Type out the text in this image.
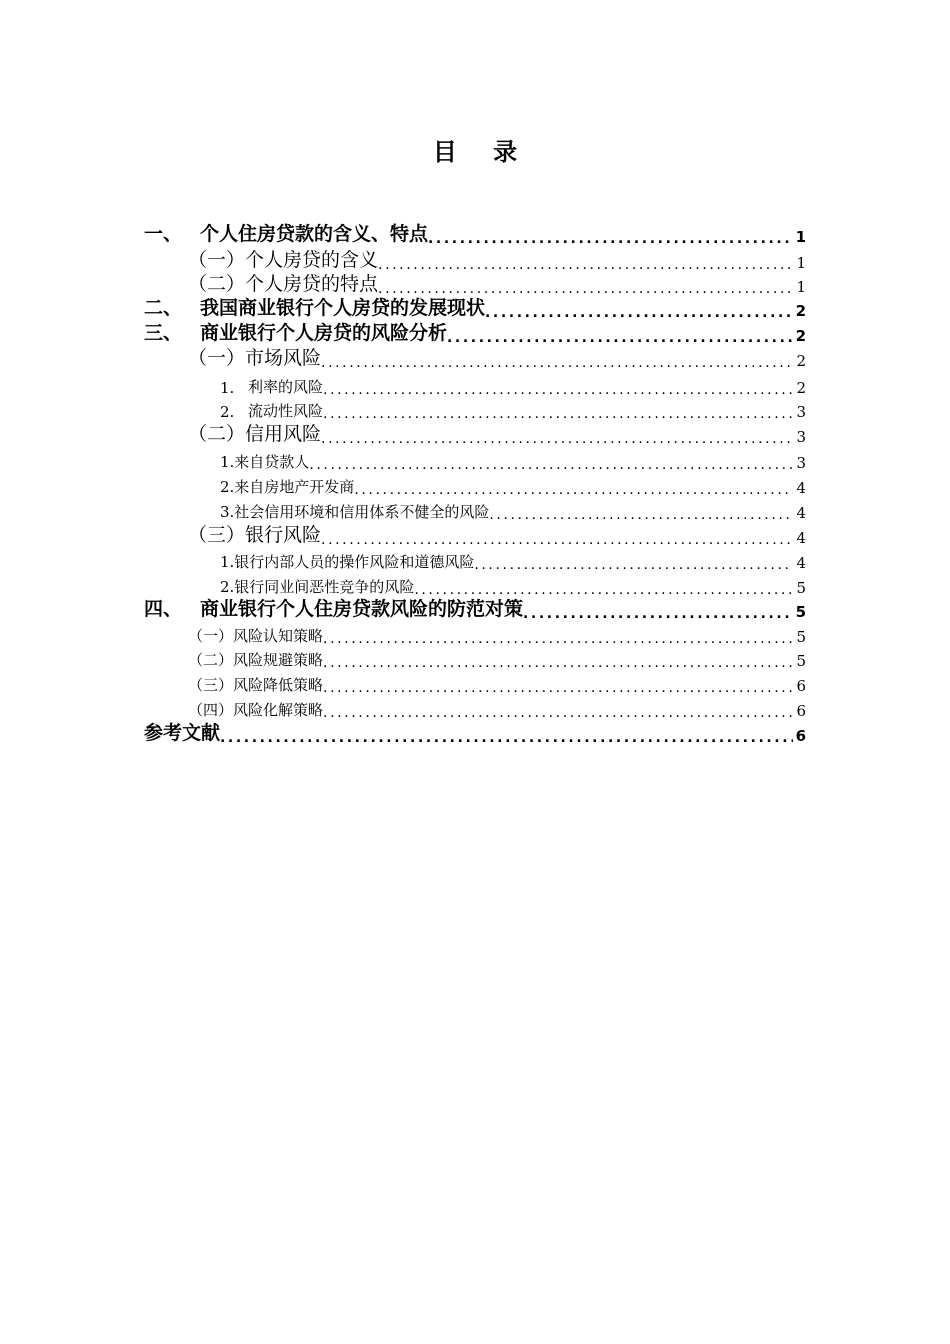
目 录
一、 个人住房贷款的含义、特点 .....	1
（一）个人房贷的含义 .....	1
（二）个人房贷的特点 .....	1
二、 我国商业银行个人房贷的发展现状 .....	2
三、 商业银行个人房贷的风险分析 .....	2
（一）市场风险 .....	2
1. 利率的风险 .....	2
2. 流动性风险 .....	3
（二）信用风险 .....	3
1.来自贷款人 .....	3
2.来自房地产开发商 .....	4
3.社会信用环境和信用体系不健全的风险 .....	4
（三）银行风险 .....	4
1.银行内部人员的操作风险和道德风险 .....	4
2.银行同业间恶性竞争的风险 .....	5
四、 商业银行个人住房贷款风险的防范对策 .....	5
（一）风险认知策略 .....	5
（二）风险规避策略 .....	5
（三）风险降低策略 .....	6
（四）风险化解策略 .....	6
参考文献 .....	6
